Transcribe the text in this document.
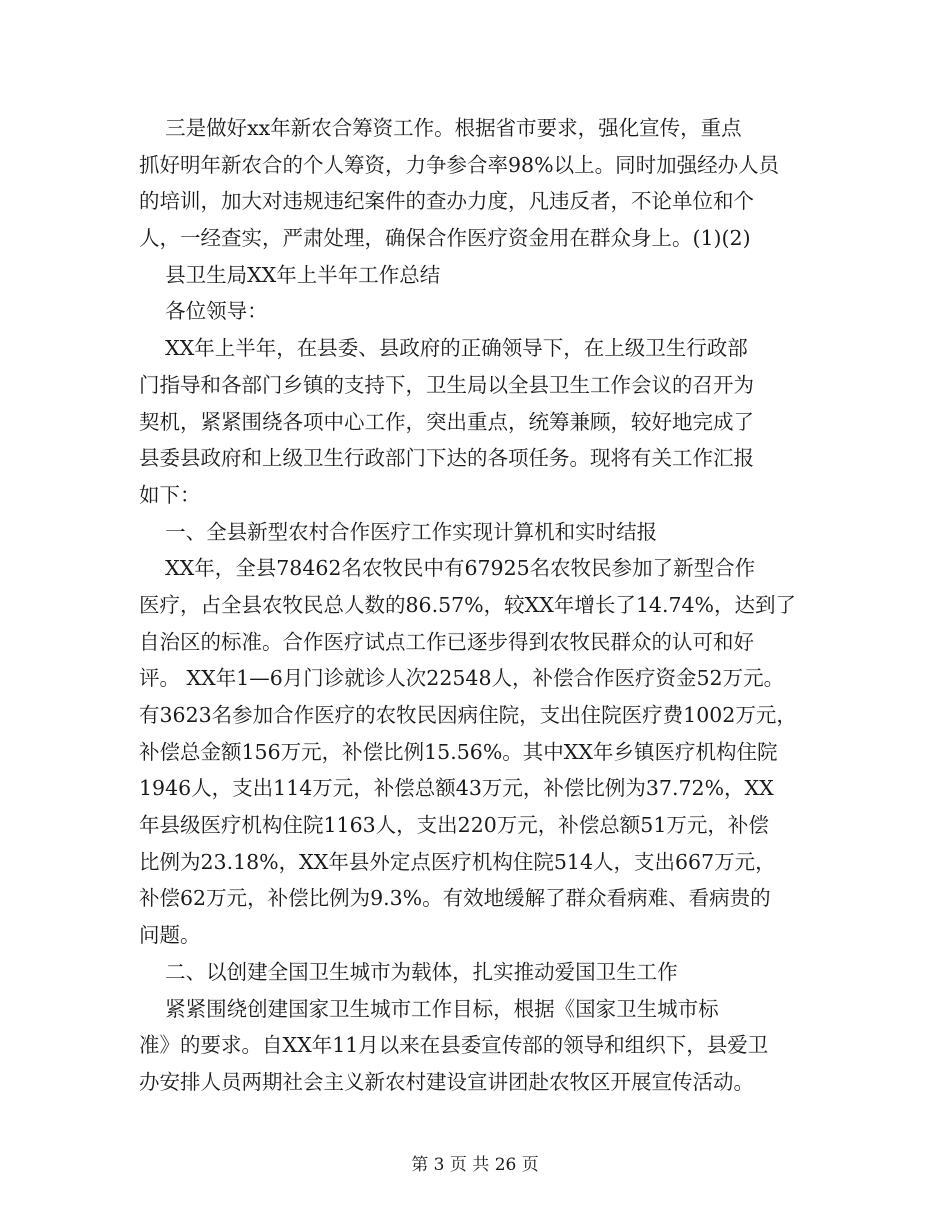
三是做好xx年新农合筹资工作。根据省市要求，强化宣传，重点
抓好明年新农合的个人筹资，力争参合率98%以上。同时加强经办人员
的培训，加大对违规违纪案件的查办力度，凡违反者，不论单位和个
人，一经查实，严肃处理，确保合作医疗资金用在群众身上。(1)(2)
县卫生局XX年上半年工作总结
各位领导：
XX年上半年，在县委、县政府的正确领导下，在上级卫生行政部
门指导和各部门乡镇的支持下，卫生局以全县卫生工作会议的召开为
契机，紧紧围绕各项中心工作，突出重点，统筹兼顾，较好地完成了
县委县政府和上级卫生行政部门下达的各项任务。现将有关工作汇报
如下：
一、全县新型农村合作医疗工作实现计算机和实时结报
XX年，全县78462名农牧民中有67925名农牧民参加了新型合作
医疗，占全县农牧民总人数的86.57%，较XX年增长了14.74%，达到了
自治区的标准。合作医疗试点工作已逐步得到农牧民群众的认可和好
评。 XX年1—6月门诊就诊人次22548人，补偿合作医疗资金52万元。
有3623名参加合作医疗的农牧民因病住院，支出住院医疗费1002万元，
补偿总金额156万元，补偿比例15.56%。其中XX年乡镇医疗机构住院
1946人，支出114万元，补偿总额43万元，补偿比例为37.72%，XX
年县级医疗机构住院1163人，支出220万元，补偿总额51万元，补偿
比例为23.18%，XX年县外定点医疗机构住院514人，支出667万元，
补偿62万元，补偿比例为9.3%。有效地缓解了群众看病难、看病贵的
问题。
二、以创建全国卫生城市为载体，扎实推动爱国卫生工作
紧紧围绕创建国家卫生城市工作目标，根据《国家卫生城市标
准》的要求。自XX年11月以来在县委宣传部的领导和组织下，县爱卫
办安排人员两期社会主义新农村建设宣讲团赴农牧区开展宣传活动。
第 3 页 共 26 页
